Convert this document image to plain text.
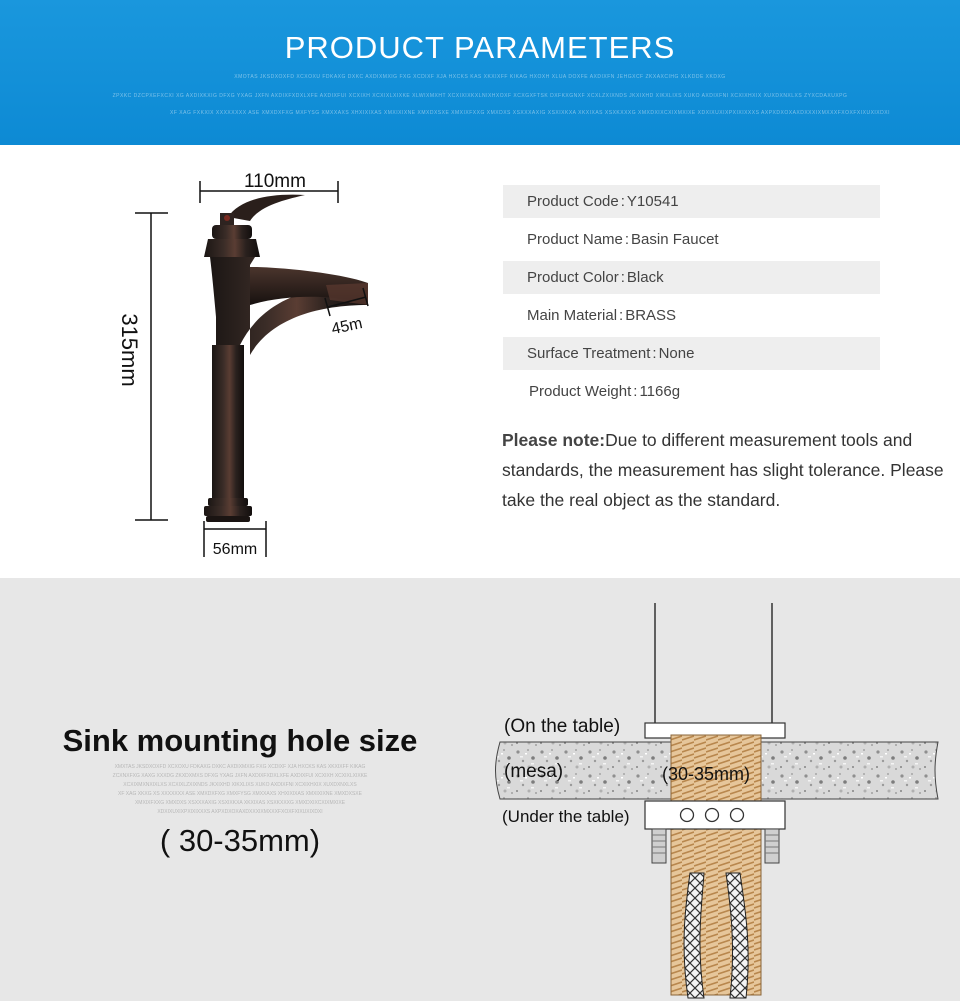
PRODUCT PARAMETERS
XMOTAS JKSDXOXFD XCXOXU FDKAXG DXKC AXDIXMXIG FXG XCDIXF XJA HXCKS KAS XKXIXFF KIKAG HXOXH XLUA DOXFE AXDIXFN JEHGXCF ZKXAXCIHG XLKDDE XKDXG
ZPXKC DZCPXEFXCXI XG AXDIXKXIG DFXG YXAG JXFN AXDIXFXDXLXFE AXDIXFUI XCXIXH XCXIXLXIXKE XLWIXMXHT XCXIXIXKXLNIXHXOXF XCXGXFTSK DXFKXGNXF XCXLZXIXNDS JKXIXHD XIKXLIXS XUKO AXDIXFNI XCXIXHXIX XUXDXNXLXS ZYXCDAXUXPG
XF XAG FXKXIX XXXXXXXX ASE XMXDXFXG MXFYSG XMXXAXS XHXIXIXAS XMXIXIXNE XMXDXSXE XMXIXFXXG XMXDXS XSXXXAXIG XSXIXKXA XKXIXAS XSXKXXXG XMXDXIXCXIXMXIXE XDXIXUXIXPXIXIXXXS AXPXDXOXAXDXXXIXMXXXFXOXFXIXUXIXDXI
110mm
315mm	45m
56mm
Product Code : Y10541
Product Name : Basin Faucet
Product Color : Black
Main Material : BRASS
Surface Treatment : None
Product Weight : 1166g
Please note:Due to different measurement tools and standards, the measurement has slight tolerance. Please take the real object as the standard.
Sink mounting hole size
XMXTAS JKSDXOXFD XCXOXU FDKAXG DXKC AXDIXMXIG FXG XCDIXF XJA HXCKS KAS XKXIXFF KIKAG
ZCXNXFXG XAXG XXXDG ZKXDXMXS DFXG YXAG JXFN AXDIXFXDXLXFE AXDIXFUI XCXIXH XCXIXLXIXKE
XCXIXMXNXIXLXS XCXIXLZXIXNDS JKXIXHD XIKXLIXS XUKO AXDIXFNI XCXIXHXIX XUXDXNXLXS
XF XAG XKXG XS XXXXXXX ASE XMXDXFXG XMXFYSG XMXXAXS XHXIXIXAS XMXIXIXNE XMXDXSXE
XMXIXFXXG XMXDXS XSXXXAXIG XSXIXKXA XKXIXAS XSXKXXXG XMXDXIXCXIXMXIXE
XDXIXUXIXPXIXIXXXS AXPXDXOXAXDXXXIXMXXXFXOXFXIXUXIXDXI
( 30-35mm)
(On the table)
(mesa)	(30-35mm)
(Under the table)
